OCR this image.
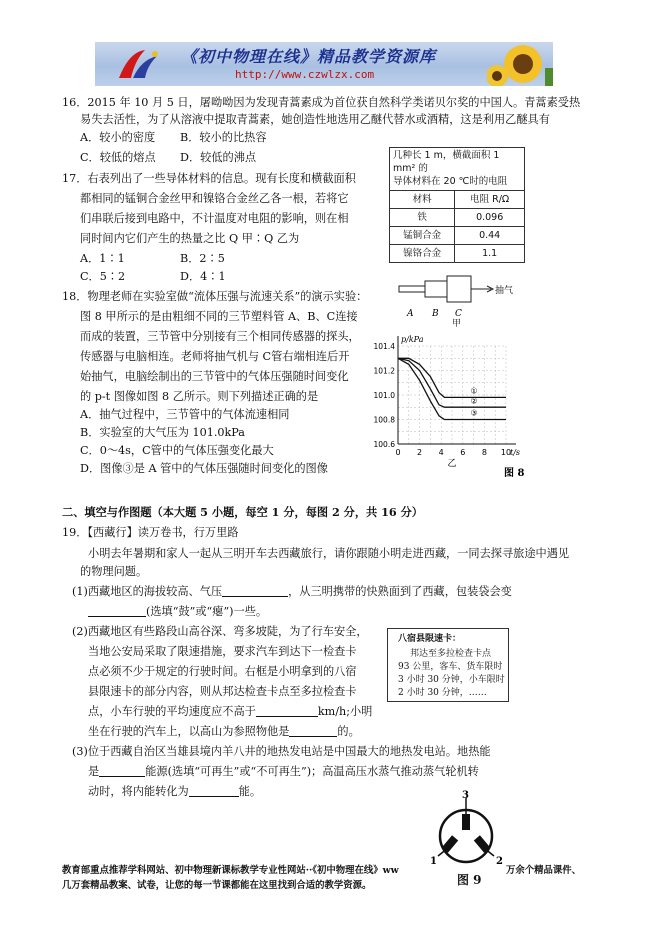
《初中物理在线》精品教学资源库
http://www.czwlzx.com
16．2015 年 10 月 5 日，屠呦呦因为发现青蒿素成为首位获自然科学类诺贝尔奖的中国人。青蒿素受热
易失去活性，为了从溶液中提取青蒿素，她创造性地选用乙醚代替水或酒精，这是利用乙醚具有
A．较小的密度 B．较小的比热容
C．较低的熔点 D．较低的沸点
17．右表列出了一些导体材料的信息。现有长度和横截面积
都相同的锰铜合金丝甲和镍铬合金丝乙各一根，若将它
们串联后接到电路中，不计温度对电阻的影响，则在相
同时间内它们产生的热量之比 Q 甲∶Q 乙为
A．1∶1	B．2∶5
C．5∶2	D．4∶1
几种长 1 m，横截面积 1 mm² 的
导体材料在 20 ℃时的电阻	
材料	电阻 R/Ω
铁	0.096
锰铜合金	0.44
镍铬合金	1.1
18．物理老师在实验室做“流体压强与流速关系”的演示实验：
图 8 甲所示的是由粗细不同的三节塑料管 A、B、C连接
而成的装置，三节管中分别接有三个相同传感器的探头，
传感器与电脑相连。老师将抽气机与 C管右端相连后开
始抽气，电脑绘制出的三节管中的气体压强随时间变化
的 p-t 图像如图 8 乙所示。则下列描述正确的是
A．抽气过程中，三节管中的气体流速相同
B．实验室的大气压为 101.0kPa
C．0～4s，C管中的气体压强变化最大
D．图像③是 A 管中的气体压强随时间变化的图像
抽气
A B C
甲
0 2 4 6 8 10
100.6
100.8
101.0
101.2
101.4
p/kPa
t/s
①
②
③
乙
图 8
二、填空与作图题（本大题 5 小题，每空 1 分，每图 2 分，共 16 分）
19．【西藏行】读万卷书，行万里路
小明去年暑期和家人一起从三明开车去西藏旅行，请你跟随小明走进西藏，一同去探寻旅途中遇见
的物理问题。
(1)西藏地区的海拔较高、气压	，从三明携带的快熟面到了西藏，包装袋会变
(选填“鼓”或“瘪”)一些。
(2)西藏地区有些路段山高谷深、弯多坡陡，为了行车安全，
当地公安局采取了限速措施，要求汽车到达下一检查卡
点必须不少于规定的行驶时间。右框是小明拿到的八宿
县限速卡的部分内容，则从邦达检查卡点至多拉检查卡
点，小车行驶的平均速度应不高于	km/h;小明
坐在行驶的汽车上，以高山为参照物他是	的。
八宿县限速卡：
邦达至多拉检查卡点
93 公里，客车、货车限时
3 小时 30 分钟，小车限时
2 小时 30 分钟，……
(3)位于西藏自治区当雄县境内羊八井的地热发电站是中国最大的地热发电站。地热能
是	能源(选填“可再生”或“不可再生”)；高温高压水蒸气推动蒸气轮机转
动时，将内能转化为	能。	3
1	2
图 9
教育部重点推荐学科网站、初中物理新课标教学专业性网站··《初中物理在线》ww	万余个精品课件、
几万套精品教案、试卷，让您的每一节课都能在这里找到合适的教学资源。
